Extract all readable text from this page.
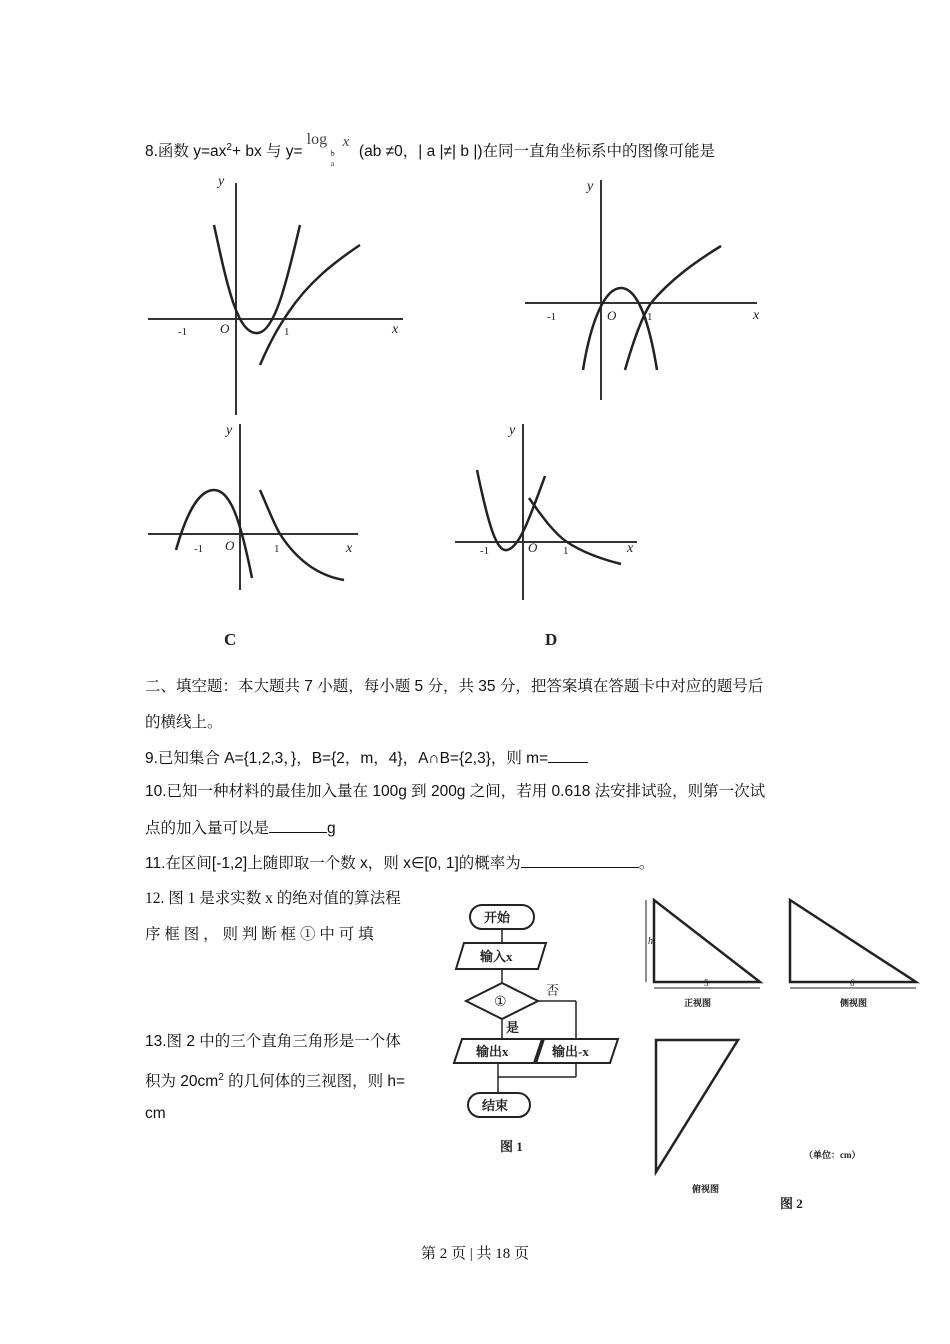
8.函数 $y=ax^2+$ bx 与 y=
log
b
a
x
(ab ≠0，| a |≠| b |)在同一直角坐标系中的图像可能是
x
y
O
-1	1
x
y
O
-1	1
x
y
O
-1	1
C
x
y
O
-1	1
D
二、填空题：本大题共 7 小题，每小题 5 分，共 35 分，把答案填在答题卡中对应的题号后
的横线上。
9.已知集合 A={1,2,3，}，B={2，m，4}，A∩B={2,3}，则 m=
10.已知一种材料的最佳加入量在 100g 到 200g 之间，若用 0.618 法安排试验，则第一次试
点的加入量可以是	g
11.在区间[-1,2]上随即取一个数 x，则 x∈[0, 1]的概率为	。
12. 图 1 是求实数 x 的绝对值的算法程
序 框 图 ， 则 判 断 框 ① 中 可 填
13.图 2 中的三个直角三角形是一个体
积为 $20cm^2$ 的几何体的三视图，则 h=
cm
开始
输入x
①
否
是
输出x	输出-x
结束
图 1
h
5
正视图
6
侧视图
俯视图
（单位：cm）
图 2
第 2 页 | 共 18 页
